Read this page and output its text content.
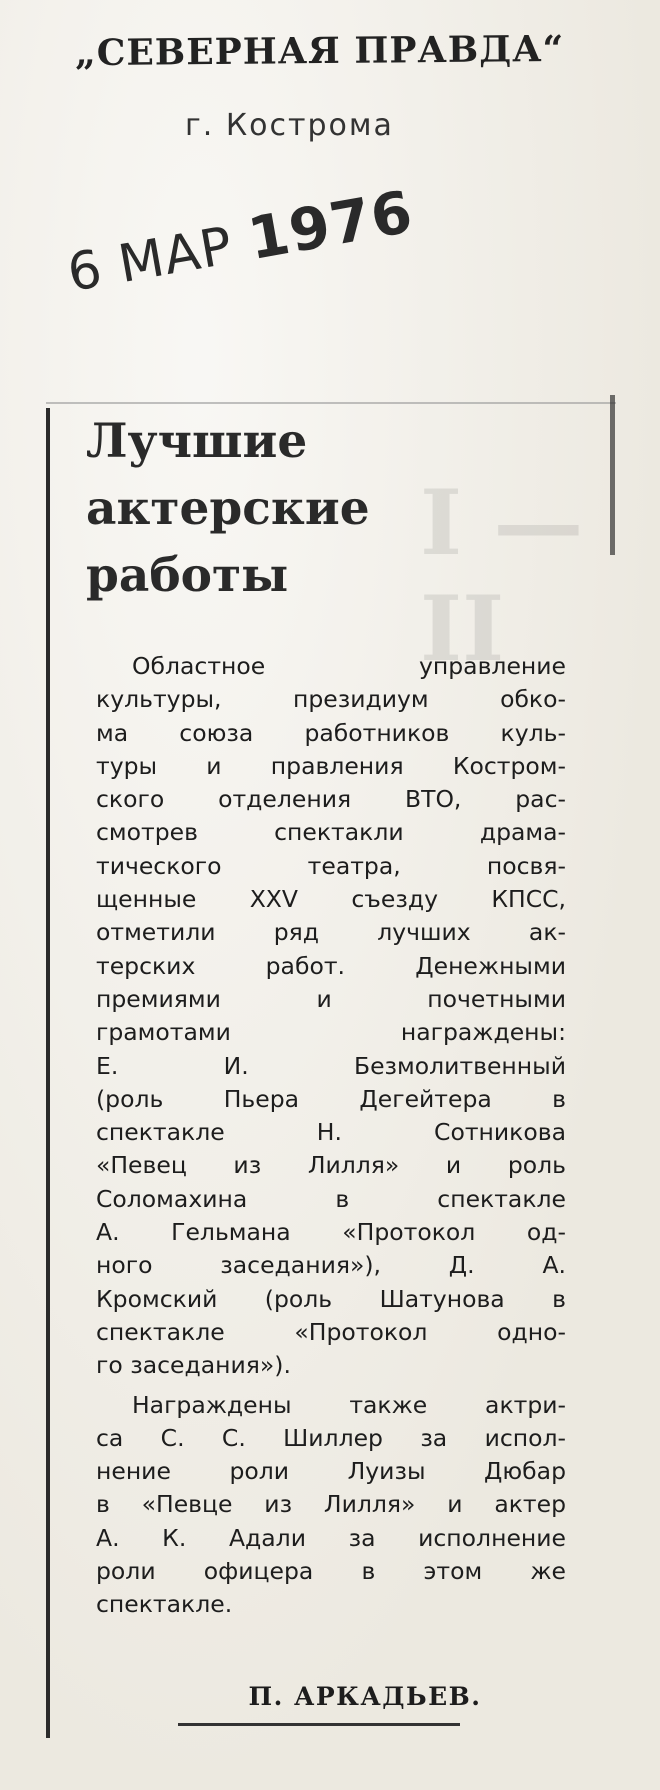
I — II
„СЕВЕРНАЯ ПРАВДА“
г. Кострома
6 МАР 1976
Лучшие
актерские
работы
Областное управление
культуры, президиум обко-
ма союза работников куль-
туры и правления Костром-
ского отделения ВТО, рас-
смотрев спектакли драма-
тического театра, посвя-
щенные XXV съезду КПСС,
отметили ряд лучших ак-
терских работ. Денежными
премиями и почетными
грамотами награждены:
Е. И. Безмолитвенный
(роль Пьера Дегейтера в
спектакле Н. Сотникова
«Певец из Лилля» и роль
Соломахина в спектакле
А. Гельмана «Протокол од-
ного заседания»), Д. А.
Кромский (роль Шатунова в
спектакле «Протокол одно-
го заседания»).
Награждены также актри-
са С. С. Шиллер за испол-
нение роли Луизы Дюбар
в «Певце из Лилля» и актер
А. К. Адали за исполнение
роли офицера в этом же
спектакле.
П. АРКАДЬЕВ.
